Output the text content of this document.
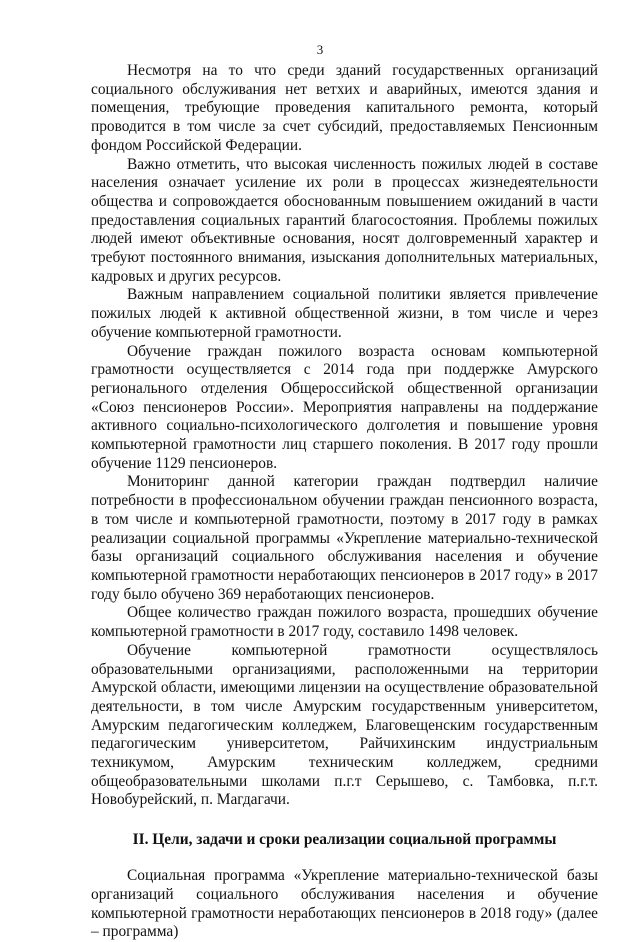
3

Несмотря на то что среди зданий государственных организаций социального обслуживания нет ветхих и аварийных, имеются здания и помещения, требующие проведения капитального ремонта, который проводится в том числе за счет субсидий, предоставляемых Пенсионным фондом Российской Федерации.

Важно отметить, что высокая численность пожилых людей в составе населения означает усиление их роли в процессах жизнедеятельности общества и сопровождается обоснованным повышением ожиданий в части предоставления социальных гарантий благосостояния. Проблемы пожилых людей имеют объективные основания, носят долговременный характер и требуют постоянного внимания, изыскания дополнительных материальных, кадровых и других ресурсов.

Важным направлением социальной политики является привлечение пожилых людей к активной общественной жизни, в том числе и через обучение компьютерной грамотности.

Обучение граждан пожилого возраста основам компьютерной грамотности осуществляется с 2014 года при поддержке Амурского регионального отделения Общероссийской общественной организации «Союз пенсионеров России». Мероприятия направлены на поддержание активного социально-психологического долголетия и повышение уровня компьютерной грамотности лиц старшего поколения. В 2017 году прошли обучение 1129 пенсионеров.

Мониторинг данной категории граждан подтвердил наличие потребности в профессиональном обучении граждан пенсионного возраста, в том числе и компьютерной грамотности, поэтому в 2017 году в рамках реализации социальной программы «Укрепление материально-технической базы организаций социального обслуживания населения и обучение компьютерной грамотности неработающих пенсионеров в 2017 году» в 2017 году было обучено 369 неработающих пенсионеров.

Общее количество граждан пожилого возраста, прошедших обучение компьютерной грамотности в 2017 году, составило 1498 человек.

Обучение компьютерной грамотности осуществлялось образовательными организациями, расположенными на территории Амурской области, имеющими лицензии на осуществление образовательной деятельности, в том числе Амурским государственным университетом, Амурским педагогическим колледжем, Благовещенским государственным педагогическим университетом, Райчихинским индустриальным техникумом, Амурским техническим колледжем, средними общеобразовательными школами п.г.т Серышево, с. Тамбовка, п.г.т. Новобурейский, п. Магдагачи.

II. Цели, задачи и сроки реализации социальной программы

Социальная программа «Укрепление материально-технической базы организаций социального обслуживания населения и обучение компьютерной грамотности неработающих пенсионеров в 2018 году» (далее – программа)
